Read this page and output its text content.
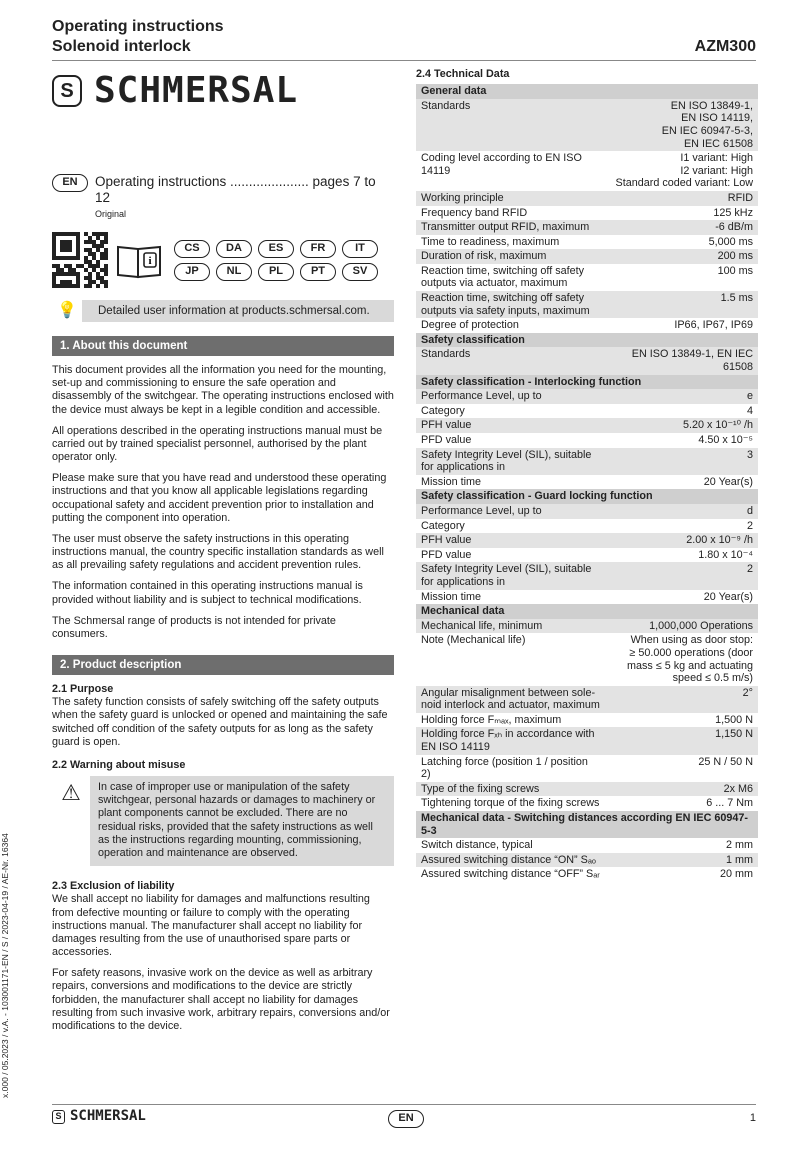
Operating instructions
Solenoid interlock	AZM300
S SCHMERSAL
EN	Operating instructions ..................... pages 7 to 12
Original
i
CS	DA	ES	FR	IT
JP	NL	PL	PT	SV
💡	Detailed user information at products.schmersal.com.
1. About this document
This document provides all the information you need for the mounting, set-up and commissioning to ensure the safe operation and disassembly of the switchgear. The operating instructions enclosed with the device must always be kept in a legible condition and accessible.
All operations described in the operating instructions manual must be carried out by trained specialist personnel, authorised by the plant operator only.
Please make sure that you have read and understood these operating instructions and that you know all applicable legislations regarding occupational safety and accident prevention prior to installation and putting the component into operation.
The user must observe the safety instructions in this operating instructions manual, the country specific installation standards as well as all prevailing safety regulations and accident prevention rules.
The information contained in this operating instructions manual is provided without liability and is subject to technical modifications.
The Schmersal range of products is not intended for private consumers.
2. Product description
2.1 Purpose
The safety function consists of safely switching off the safety outputs when the safety guard is unlocked or opened and maintaining the safe switched off condition of the safety outputs for as long as the safety guard is open.
2.2 Warning about misuse
⚠	In case of improper use or manipulation of the safety switchgear, personal hazards or damages to machinery or plant components cannot be excluded. There are no residual risks, provided that the safety instructions as well as the instructions regarding mounting, commissioning, operation and maintenance are observed.
2.3 Exclusion of liability
We shall accept no liability for damages and malfunctions resulting from defective mounting or failure to comply with the operating instructions manual. The manufacturer shall accept no liability for damages resulting from the use of unauthorised spare parts or accessories.
For safety reasons, invasive work on the device as well as arbitrary repairs, conversions and modifications to the device are strictly forbidden, the manufacturer shall accept no liability for damages resulting from such invasive work, arbitrary repairs, conversions and/or modifications to the device.
2.4 Technical Data
General data	
Standards	EN ISO 13849-1,
EN ISO 14119,
EN IEC 60947-5-3,
EN IEC 61508
Coding level according to EN ISO 14119	I1 variant: High
I2 variant: High
Standard coded variant: Low
Working principle	RFID
Frequency band RFID	125 kHz
Transmitter output RFID, maximum	-6 dB/m
Time to readiness, maximum	5,000 ms
Duration of risk, maximum	200 ms
Reaction time, switching off safety
outputs via actuator, maximum	100 ms
Reaction time, switching off safety
outputs via safety inputs, maximum	1.5 ms
Degree of protection	IP66, IP67, IP69
Safety classification	
Standards	EN ISO 13849-1, EN IEC 61508
Safety classification - Interlocking function	
Performance Level, up to	e
Category	4
PFH value	5.20 x 10⁻¹⁰ /h
PFD value	4.50 x 10⁻⁵
Safety Integrity Level (SIL), suitable
for applications in	3
Mission time	20 Year(s)
Safety classification - Guard locking function	
Performance Level, up to	d
Category	2
PFH value	2.00 x 10⁻⁹ /h
PFD value	1.80 x 10⁻⁴
Safety Integrity Level (SIL), suitable
for applications in	2
Mission time	20 Year(s)
Mechanical data	
Mechanical life, minimum	1,000,000 Operations
Note (Mechanical life)	When using as door stop:
≥ 50.000 operations (door
mass ≤ 5 kg and actuating
speed ≤ 0.5 m/s)
Angular misalignment between sole-
noid interlock and actuator, maximum	2°
Holding force Fₘₐₓ, maximum	1,500 N
Holding force Fₓₕ in accordance with
EN ISO 14119	1,150 N
Latching force (position 1 / position 2)	25 N / 50 N
Type of the fixing screws	2x M6
Tightening torque of the fixing screws	6 ... 7 Nm
Mechanical data - Switching distances according EN IEC 60947-5-3	
Switch distance, typical	2 mm
Assured switching distance “ON” Sₐₒ	1 mm
Assured switching distance “OFF” Sₐᵣ	20 mm
S SCHMERSAL	EN	1
x.000 / 05.2023 / v.A. - 103001171-EN / S / 2023-04-19 / AE-Nr. 16364
